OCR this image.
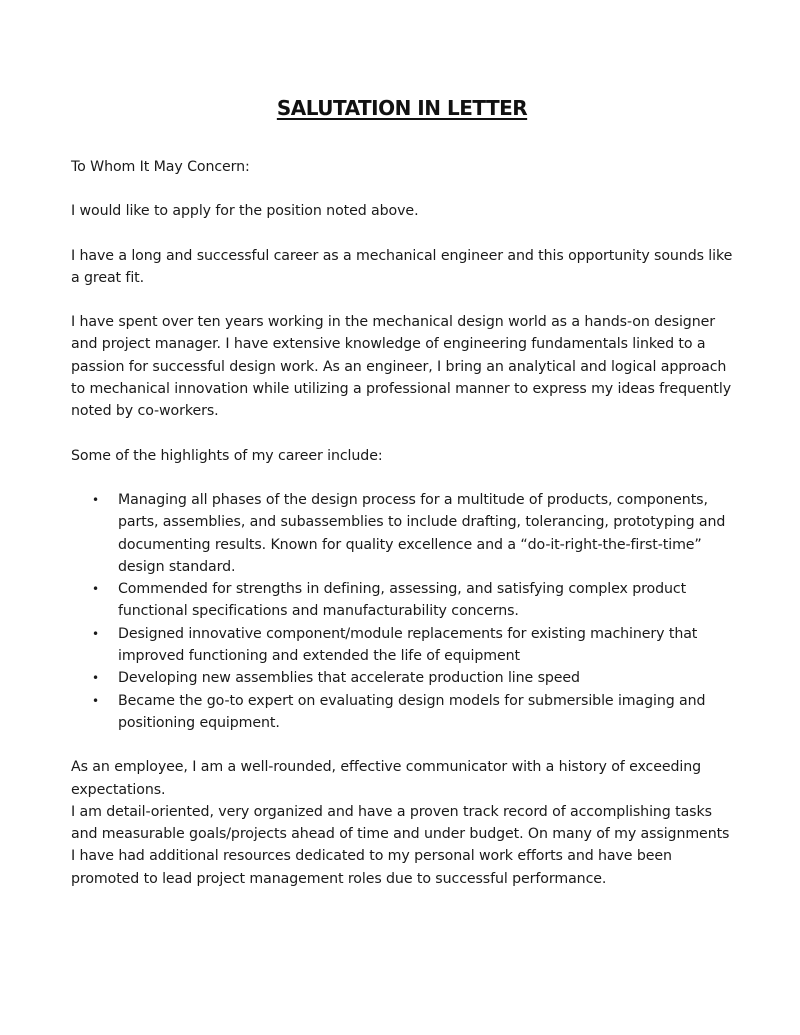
SALUTATION IN LETTER

To Whom It May Concern:

I would like to apply for the position noted above.

I have a long and successful career as a mechanical engineer and this opportunity sounds like a great fit.

I have spent over ten years working in the mechanical design world as a hands-on designer and project manager. I have extensive knowledge of engineering fundamentals linked to a passion for successful design work. As an engineer, I bring an analytical and logical approach to mechanical innovation while utilizing a professional manner to express my ideas frequently noted by co-workers.

Some of the highlights of my career include:

• Managing all phases of the design process for a multitude of products, components, parts, assemblies, and subassemblies to include drafting, tolerancing, prototyping and documenting results. Known for quality excellence and a “do-it-right-the-first-time” design standard.
• Commended for strengths in defining, assessing, and satisfying complex product functional specifications and manufacturability concerns.
• Designed innovative component/module replacements for existing machinery that improved functioning and extended the life of equipment
• Developing new assemblies that accelerate production line speed
• Became the go-to expert on evaluating design models for submersible imaging and positioning equipment.

As an employee, I am a well-rounded, effective communicator with a history of exceeding expectations.

I am detail-oriented, very organized and have a proven track record of accomplishing tasks and measurable goals/projects ahead of time and under budget. On many of my assignments I have had additional resources dedicated to my personal work efforts and have been promoted to lead project management roles due to successful performance.
